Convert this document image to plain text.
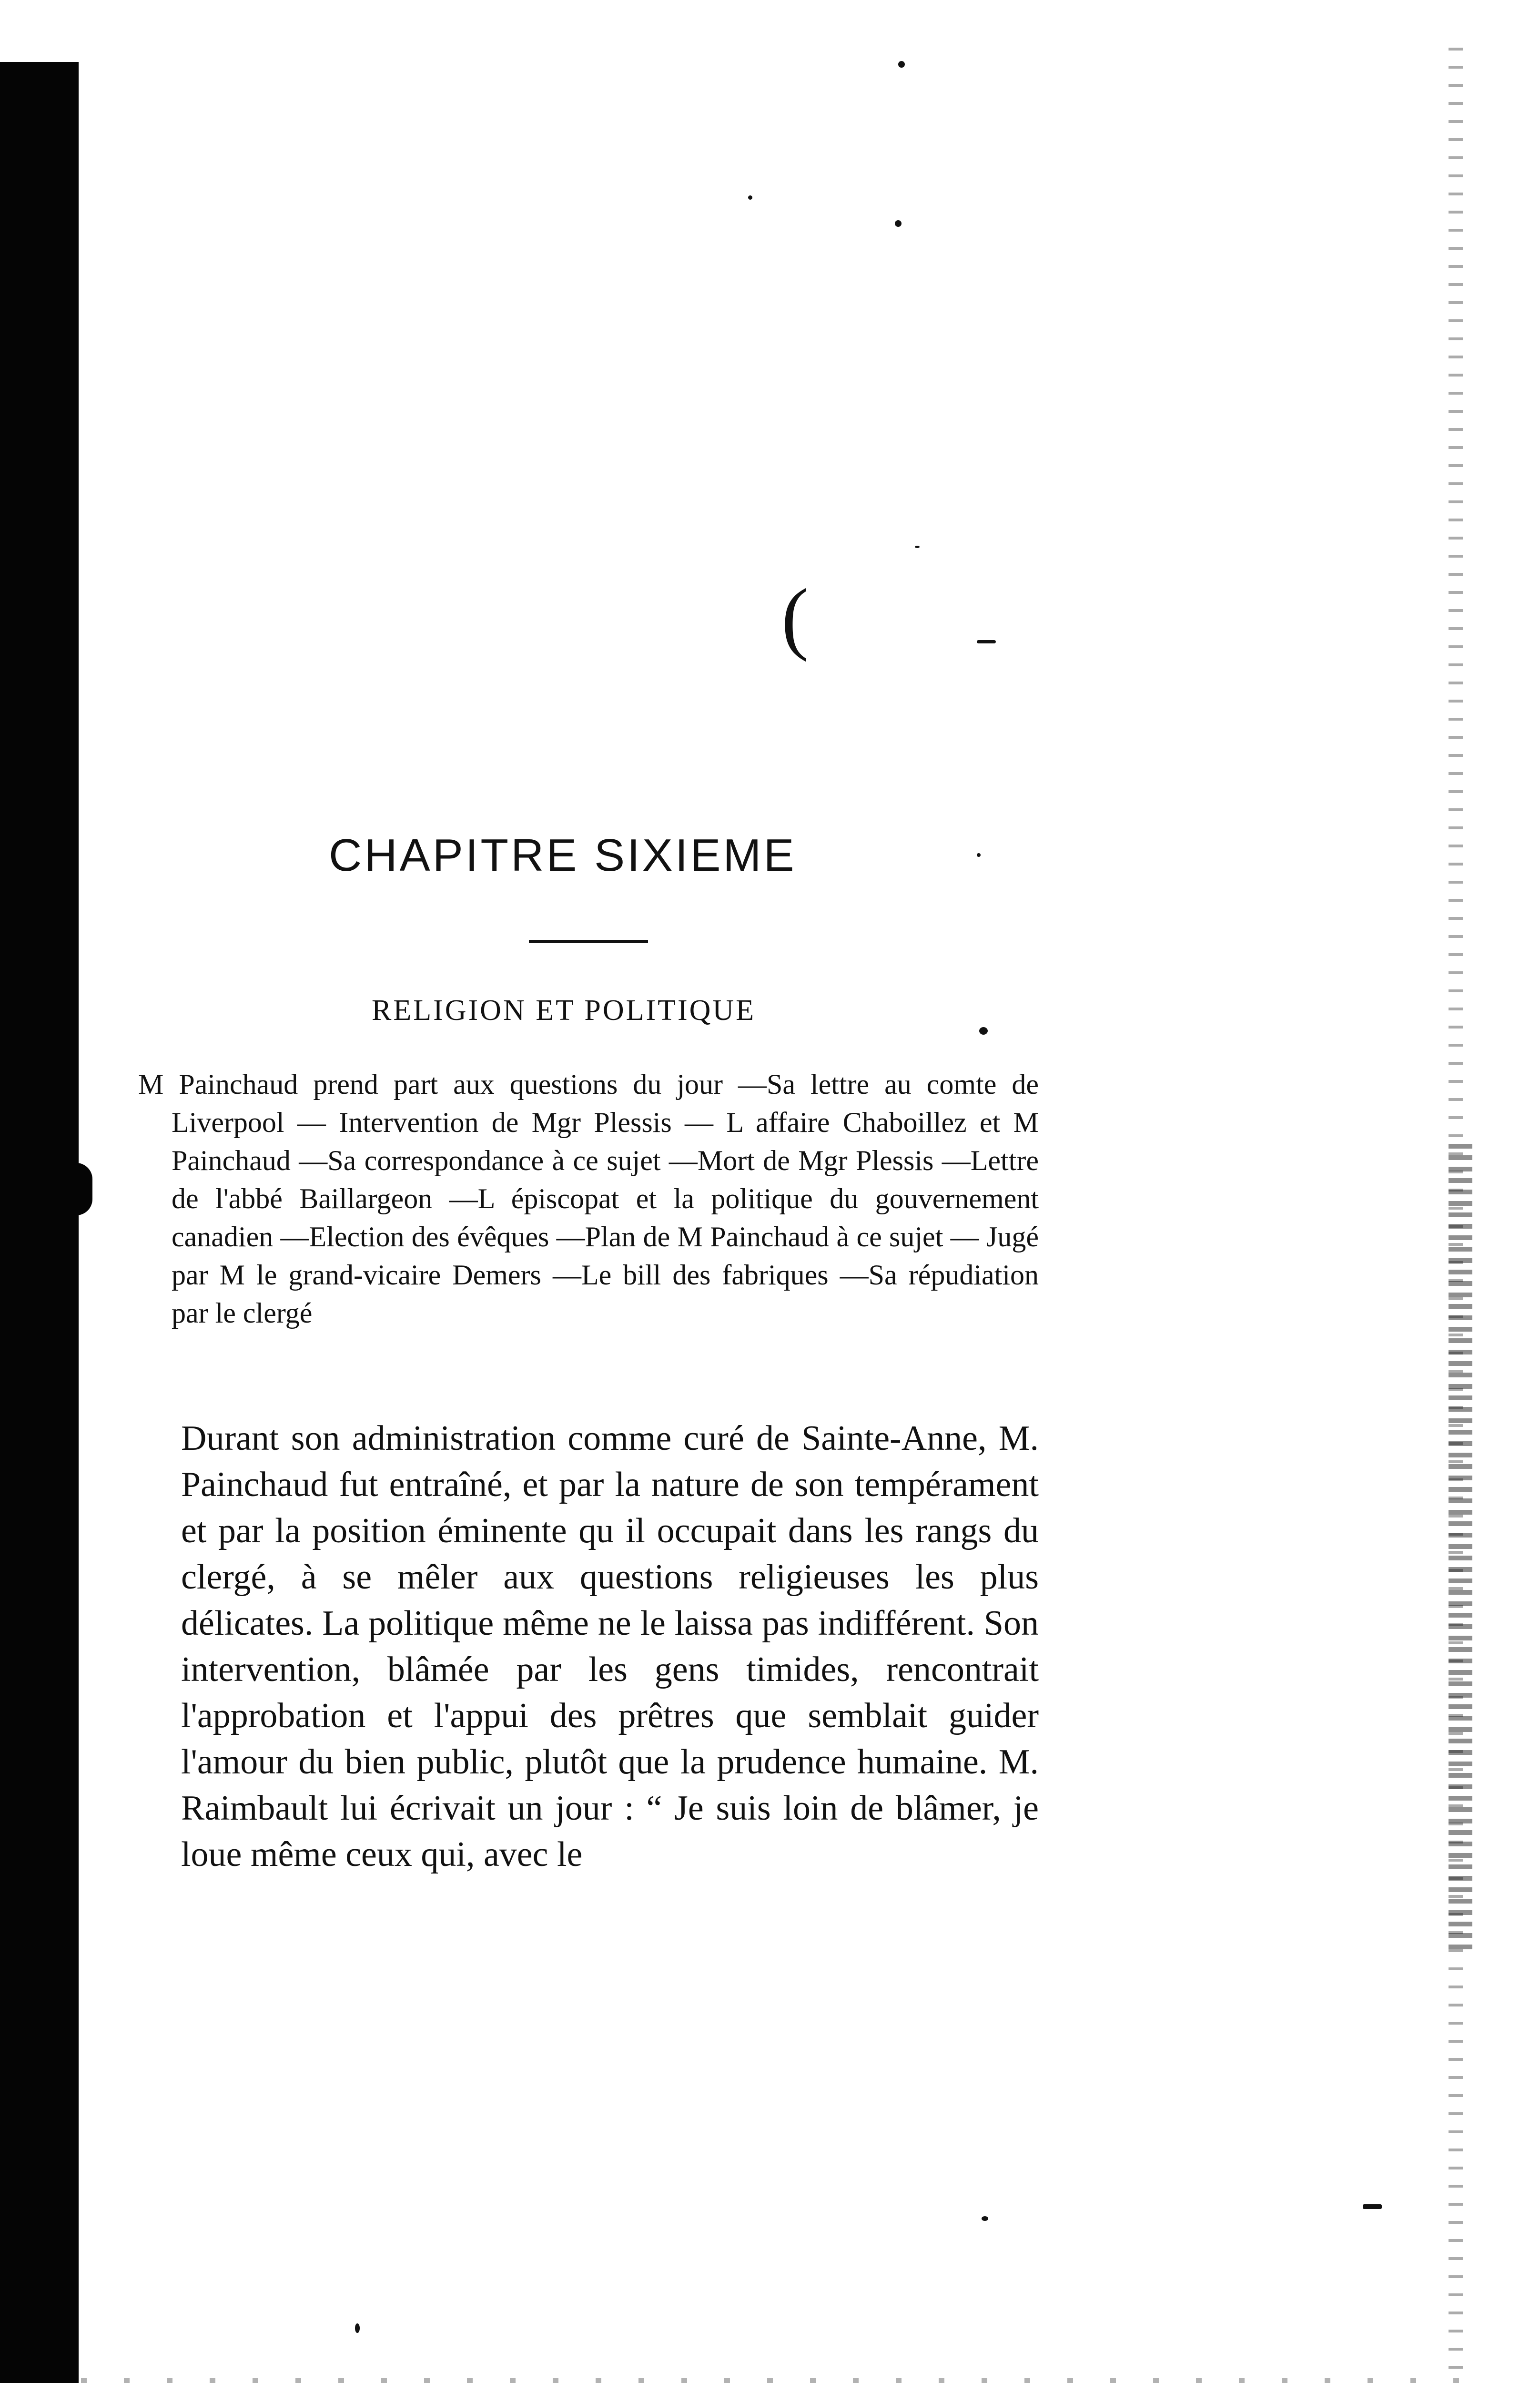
(
CHAPITRE SIXIEME
RELIGION ET POLITIQUE

M Painchaud prend part aux questions du jour —Sa lettre au comte de Liverpool — Intervention de Mgr Plessis — L affaire Chaboillez et M Painchaud —Sa correspondance à ce sujet —Mort de Mgr Plessis —Lettre de l'abbé Baillargeon —L épiscopat et la politique du gouvernement canadien —Election des évêques —Plan de M Painchaud à ce sujet — Jugé par M le grand-vicaire Demers —Le bill des fabriques —Sa répudiation par le clergé

Durant son administration comme curé de Sainte-Anne, M. Painchaud fut entraîné, et par la nature de son tempérament et par la position éminente qu il occupait dans les rangs du clergé, à se mêler aux questions religieuses les plus délicates. La politique même ne le laissa pas indifférent. Son intervention, blâmée par les gens timides, rencontrait l'approbation et l'appui des prêtres que semblait guider l'amour du bien public, plutôt que la prudence humaine. M. Raimbault lui écrivait un jour : “ Je suis loin de blâmer, je loue même ceux qui, avec le
